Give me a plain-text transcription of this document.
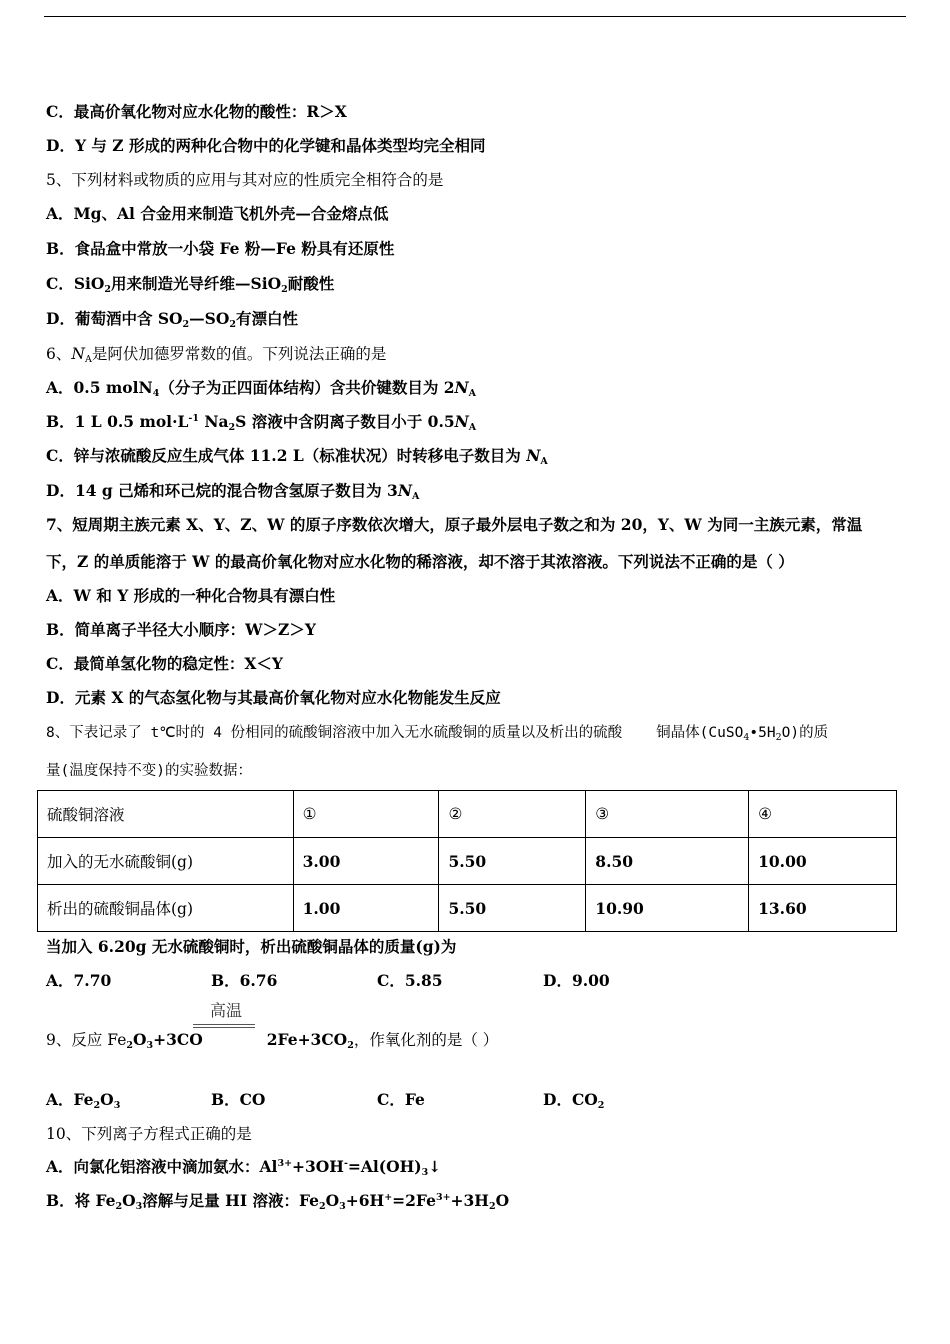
C．最高价氧化物对应水化物的酸性：R＞X
D．Y 与 Z 形成的两种化合物中的化学键和晶体类型均完全相同
5、下列材料或物质的应用与其对应的性质完全相符合的是
A．Mg、Al 合金用来制造飞机外壳—合金熔点低
B．食品盒中常放一小袋 Fe 粉—Fe 粉具有还原性
C．SiO$_2$用来制造光导纤维—SiO$_2$耐酸性
D．葡萄酒中含 $SO_2—SO_2$有漂白性
6、$N_A$是阿伏加德罗常数的值。下列说法正确的是
A．0.5 molN$_4$（分子为正四面体结构）含共价键数目为 $2N_A$
B．1 L 0.5 $mol\cdot L^{-1}$ $Na_2S$ 溶液中含阴离子数目小于 $0.5N_A$
C．锌与浓硫酸反应生成气体 11.2 L（标准状况）时转移电子数目为 $N_A$
D．14 g 己烯和环己烷的混合物含氢原子数目为 $3N_A$
7、短周期主族元素 X、Y、Z、W 的原子序数依次增大，原子最外层电子数之和为 20，Y、W 为同一主族元素，常温
下，Z 的单质能溶于 W 的最高价氧化物对应水化物的稀溶液，却不溶于其浓溶液。下列说法不正确的是（ ）
A．W 和 Y 形成的一种化合物具有漂白性
B．简单离子半径大小顺序：W＞Z＞Y
C．最简单氢化物的稳定性：X＜Y
D．元素 X 的气态氢化物与其最高价氧化物对应水化物能发生反应
8、下表记录了 t℃时的 4 份相同的硫酸铜溶液中加入无水硫酸铜的质量以及析出的硫酸 铜晶体$(CuSO_4•5H_2O)$的质
量(温度保持不变)的实验数据：
硫酸铜溶液	①	②	③	④
加入的无水硫酸铜(g)	3.00	5.50	8.50	10.00
析出的硫酸铜晶体(g)	1.00	5.50	10.90	13.60
当加入 6.20g 无水硫酸铜时，析出硫酸铜晶体的质量(g)为
A．7.70	B．6.76	C．5.85	D．9.00
高温
9、反应 $Fe_2O_3+3CO$	$2Fe+3CO_2$，作氧化剂的是（ ）
A．$Fe_2O_3$	B．CO	C．Fe	D．$CO_2$
10、下列离子方程式正确的是
A．向氯化铝溶液中滴加氨水：$Al^{3+}+3OH^-=Al(OH)_3↓$
B．将 $Fe_2O_3$溶解与足量 HI 溶液：$Fe_2O_3+6H^+=2Fe^{3+}+3H_2O$
